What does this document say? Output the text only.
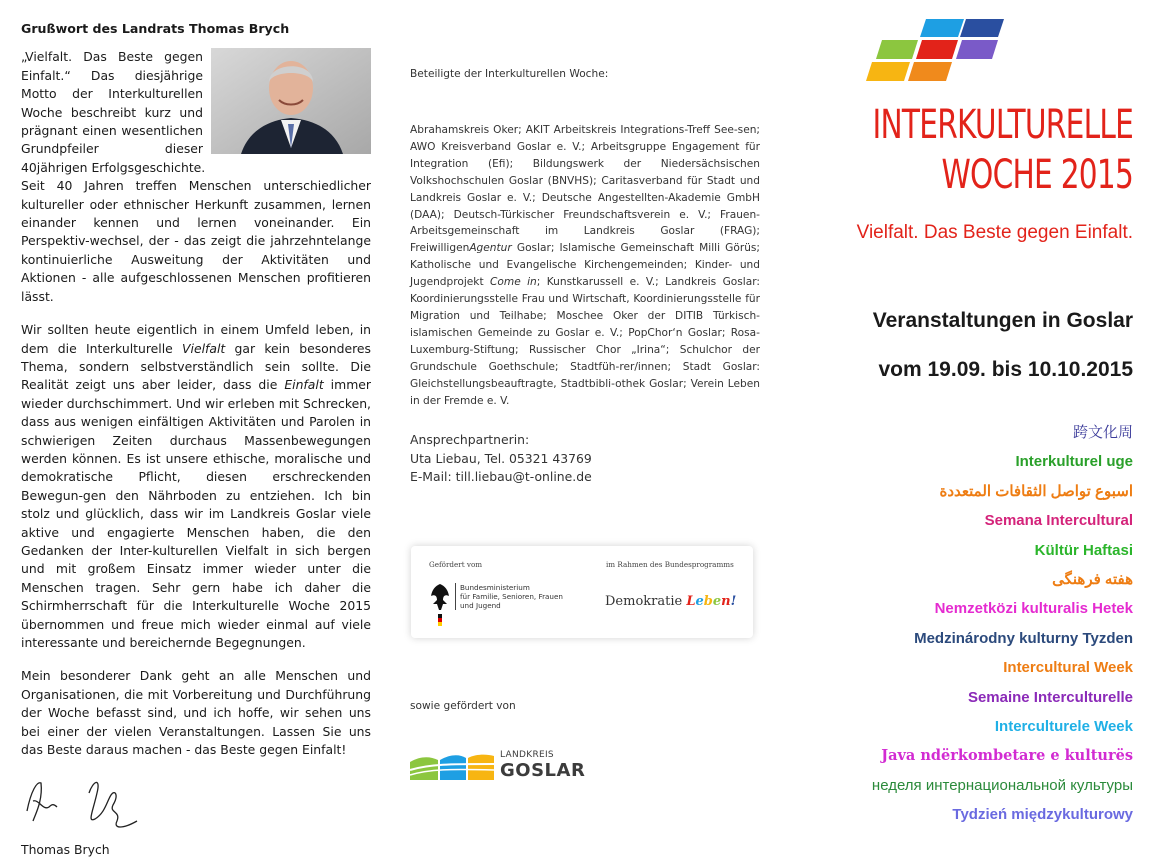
Grußwort des Landrats Thomas Brych

„Vielfalt. Das Beste gegen Einfalt.“ Das diesjährige Motto der Interkulturellen Woche beschreibt kurz und prägnant einen wesentlichen Grundpfeiler dieser 40jährigen Erfolgsgeschichte.

Seit 40 Jahren treffen Menschen unterschiedlicher kultureller oder ethnischer Herkunft zusammen, lernen einander kennen und lernen voneinander. Ein Perspektiv-wechsel, der - das zeigt die jahrzehntelange kontinuierliche Ausweitung der Aktivitäten und Aktionen - alle aufgeschlossenen Menschen profitieren lässt.

Wir sollten heute eigentlich in einem Umfeld leben, in dem die Interkulturelle Vielfalt gar kein besonderes Thema, sondern selbstverständlich sein sollte. Die Realität zeigt uns aber leider, dass die Einfalt immer wieder durchschimmert. Und wir erleben mit Schrecken, dass aus wenigen einfältigen Aktivitäten und Parolen in schwierigen Zeiten durchaus Massenbewegungen werden können. Es ist unsere ethische, moralische und demokratische Pflicht, diesen erschreckenden Bewegun-gen den Nährboden zu entziehen. Ich bin stolz und glücklich, dass wir im Landkreis Goslar viele aktive und engagierte Menschen haben, die den Gedanken der Inter-kulturellen Vielfalt in sich bergen und mit großem Einsatz immer wieder unter die Menschen tragen. Sehr gern habe ich daher die Schirmherrschaft für die Interkulturelle Woche 2015 übernommen und freue mich wieder einmal auf viele interessante und bereichernde Begegnungen.

Mein besonderer Dank geht an alle Menschen und Organisationen, die mit Vorbereitung und Durchführung der Woche befasst sind, und ich hoffe, wir sehen uns bei einer der vielen Veranstaltungen. Lassen Sie uns das Beste daraus machen - das Beste gegen Einfalt!

Thomas Brych
Beteiligte der Interkulturellen Woche:

Abrahamskreis Oker; AKIT Arbeitskreis Integrations-Treff See-sen; AWO Kreisverband Goslar e. V.; Arbeitsgruppe Engagement für Integration (Efi); Bildungswerk der Niedersächsischen Volkshochschulen Goslar (BNVHS); Caritasverband für Stadt und Landkreis Goslar e. V.; Deutsche Angestellten-Akademie GmbH (DAA); Deutsch-Türkischer Freundschaftsverein e. V.; Frauen-Arbeitsgemeinschaft im Landkreis Goslar (FRAG); FreiwilligenAgentur Goslar; Islamische Gemeinschaft Milli Görüs; Katholische und Evangelische Kirchengemeinden; Kinder- und Jugendprojekt Come in; Kunstkarussell e. V.; Landkreis Goslar: Koordinierungsstelle Frau und Wirtschaft, Koordinierungsstelle für Migration und Teilhabe; Moschee Oker der DITIB Türkisch-islamischen Gemeinde zu Goslar e. V.; PopChor‘n Goslar; Rosa-Luxemburg-Stiftung; Russischer Chor „Irina“; Schulchor der Grundschule Goethschule; Stadtfüh-rer/innen; Stadt Goslar: Gleichstellungsbeauftragte, Stadtbibli-othek Goslar; Verein Leben in der Fremde e. V.

Ansprechpartnerin:
Uta Liebau, Tel. 05321 43769
E-Mail: till.liebau@t-online.de
Gefördert vom	im Rahmen des Bundesprogramms
Bundesministerium
für Familie, Senioren, Frauen
und Jugend	Demokratie Leben!
sowie gefördert von
LANDKREIS
GOSLAR
INTERKULTURELLE
WOCHE 2015
Vielfalt. Das Beste gegen Einfalt.
Veranstaltungen in Goslar
vom 19.09. bis 10.10.2015
跨文化周
Interkulturel uge
اسبوع تواصل الثقافات المتعددة
Semana Intercultural
Kültür Haftasi
هفته فرهنگی
Nemzetközi kulturalis Hetek
Medzinárodny kulturny Tyzden
Intercultural Week
Semaine Interculturelle
Interculturele Week
Java ndërkombetare e kulturës
неделя интернациональной культуры
Tydzień międzykulturowy
